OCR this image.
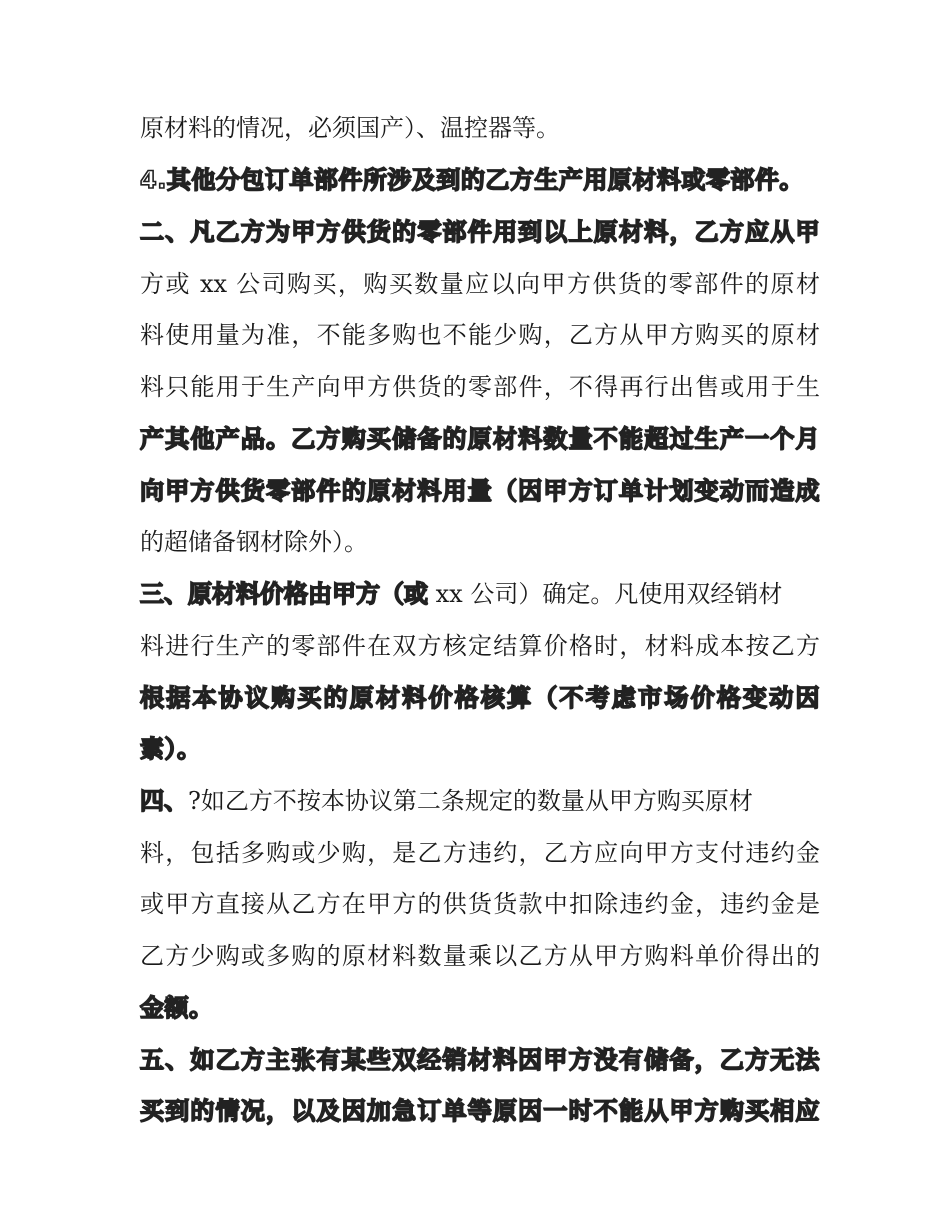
原材料的情况，必须国产）、温控器等。
4.其他分包订单部件所涉及到的乙方生产用原材料或零部件。
二、凡乙方为甲方供货的零部件用到以上原材料，乙方应从甲
方或 xx 公司购买，购买数量应以向甲方供货的零部件的原材
料使用量为准，不能多购也不能少购，乙方从甲方购买的原材
料只能用于生产向甲方供货的零部件，不得再行出售或用于生
产其他产品。乙方购买储备的原材料数量不能超过生产一个月
向甲方供货零部件的原材料用量（因甲方订单计划变动而造成
的超储备钢材除外）。
三、原材料价格由甲方（或 xx 公司）确定。凡使用双经销材
料进行生产的零部件在双方核定结算价格时，材料成本按乙方
根据本协议购买的原材料价格核算（不考虑市场价格变动因
素）。
四、?如乙方不按本协议第二条规定的数量从甲方购买原材
料，包括多购或少购，是乙方违约，乙方应向甲方支付违约金
或甲方直接从乙方在甲方的供货货款中扣除违约金，违约金是
乙方少购或多购的原材料数量乘以乙方从甲方购料单价得出的
金额。
五、如乙方主张有某些双经销材料因甲方没有储备，乙方无法
买到的情况，以及因加急订单等原因一时不能从甲方购买相应
